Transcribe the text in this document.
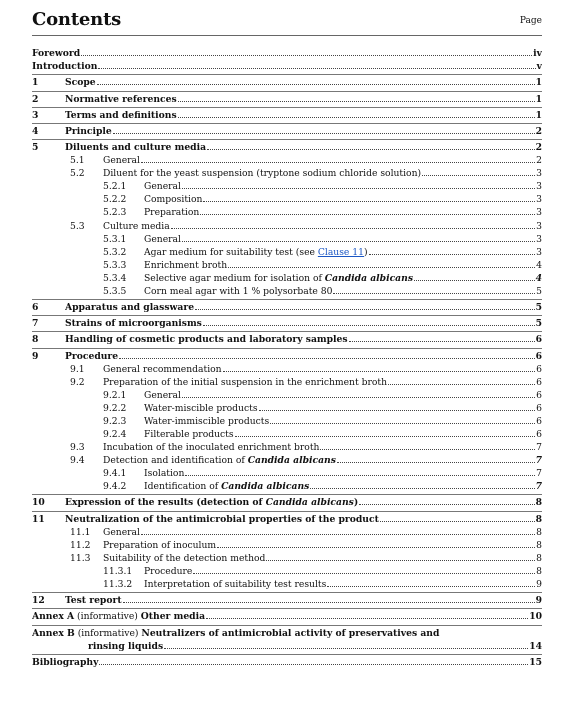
Contents	Page
Foreword	iv
Introduction	v
1	Scope	1
2	Normative references	1
3	Terms and definitions	1
4	Principle	2
5	Diluents and culture media	2
5.1 General	2
5.2 Diluent for the yeast suspension (tryptone sodium chloride solution)	3
5.2.1 General	3
5.2.2 Composition	3
5.2.3 Preparation	3
5.3 Culture media	3
5.3.1 General	3
5.3.2 Agar medium for suitability test (see Clause 11)	3
5.3.3 Enrichment broth	4
5.3.4 Selective agar medium for isolation of Candida albicans	4
5.3.5 Corn meal agar with 1 % polysorbate 80	5
6	Apparatus and glassware	5
7	Strains of microorganisms	5
8	Handling of cosmetic products and laboratory samples	6
9	Procedure	6
9.1 General recommendation	6
9.2 Preparation of the initial suspension in the enrichment broth	6
9.2.1 General	6
9.2.2 Water-miscible products	6
9.2.3 Water-immiscible products	6
9.2.4 Filterable products	6
9.3 Incubation of the inoculated enrichment broth	7
9.4 Detection and identification of Candida albicans	7
9.4.1 Isolation	7
9.4.2 Identification of Candida albicans	7
10 Expression of the results (detection of Candida albicans)	8
11 Neutralization of the antimicrobial properties of the product	8
11.1 General	8
11.2 Preparation of inoculum	8
11.3 Suitability of the detection method	8
11.3.1 Procedure	8
11.3.2 Interpretation of suitability test results	9
12 Test report	9
Annex A (informative) Other media	10
Annex B (informative) Neutralizers of antimicrobial activity of preservatives and
rinsing liquids	14
Bibliography	15
